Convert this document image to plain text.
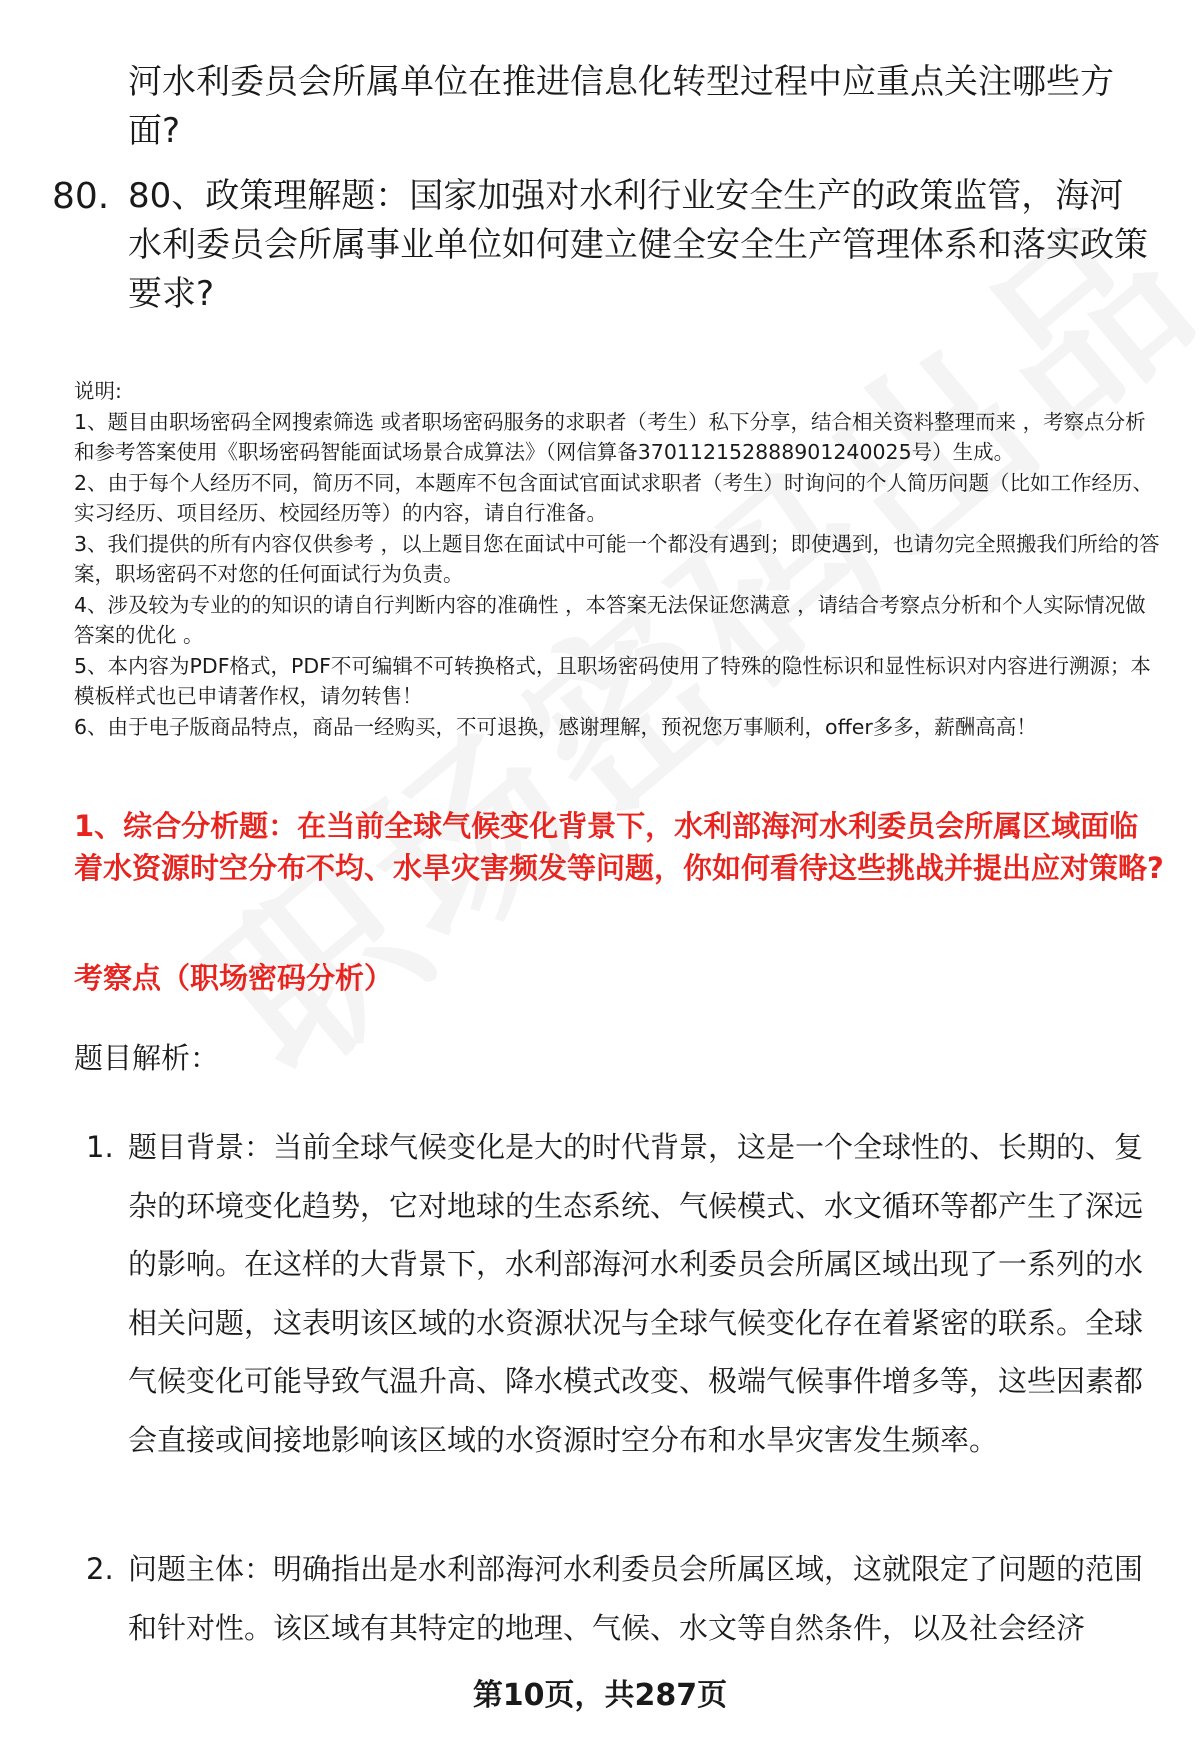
河水利委员会所属单位在推进信息化转型过程中应重点关注哪些方面?

80. 80、政策理解题：国家加强对水利行业安全生产的政策监管，海河水利委员会所属事业单位如何建立健全安全生产管理体系和落实政策要求?

说明:

1、题目由职场密码全网搜索筛选 或者职场密码服务的求职者（考生）私下分享，结合相关资料整理而来 ，考察点分析和参考答案使用《职场密码智能面试场景合成算法》（网信算备370112152888901240025号）生成。

2、由于每个人经历不同，简历不同，本题库不包含面试官面试求职者（考生）时询问的个人简历问题（比如工作经历、实习经历、项目经历、校园经历等）的内容，请自行准备。

3、我们提供的所有内容仅供参考 ，以上题目您在面试中可能一个都没有遇到；即使遇到，也请勿完全照搬我们所给的答案，职场密码不对您的任何面试行为负责。

4、涉及较为专业的的知识的请自行判断内容的准确性 ，本答案无法保证您满意 ，请结合考察点分析和个人实际情况做答案的优化 。

5、本内容为PDF格式，PDF不可编辑不可转换格式，且职场密码使用了特殊的隐性标识和显性标识对内容进行溯源；本模板样式也已申请著作权，请勿转售！

6、由于电子版商品特点，商品一经购买，不可退换，感谢理解，预祝您万事顺利，offer多多，薪酬高高！

1、综合分析题：在当前全球气候变化背景下，水利部海河水利委员会所属区域面临着水资源时空分布不均、水旱灾害频发等问题，你如何看待这些挑战并提出应对策略?

考察点（职场密码分析）

题目解析：

1. 题目背景：当前全球气候变化是大的时代背景，这是一个全球性的、长期的、复杂的环境变化趋势，它对地球的生态系统、气候模式、水文循环等都产生了深远的影响。在这样的大背景下，水利部海河水利委员会所属区域出现了一系列的水相关问题，这表明该区域的水资源状况与全球气候变化存在着紧密的联系。全球气候变化可能导致气温升高、降水模式改变、极端气候事件增多等，这些因素都会直接或间接地影响该区域的水资源时空分布和水旱灾害发生频率。

2. 问题主体：明确指出是水利部海河水利委员会所属区域，这就限定了问题的范围和针对性。该区域有其特定的地理、气候、水文等自然条件，以及社会经济

第10页，共287页
